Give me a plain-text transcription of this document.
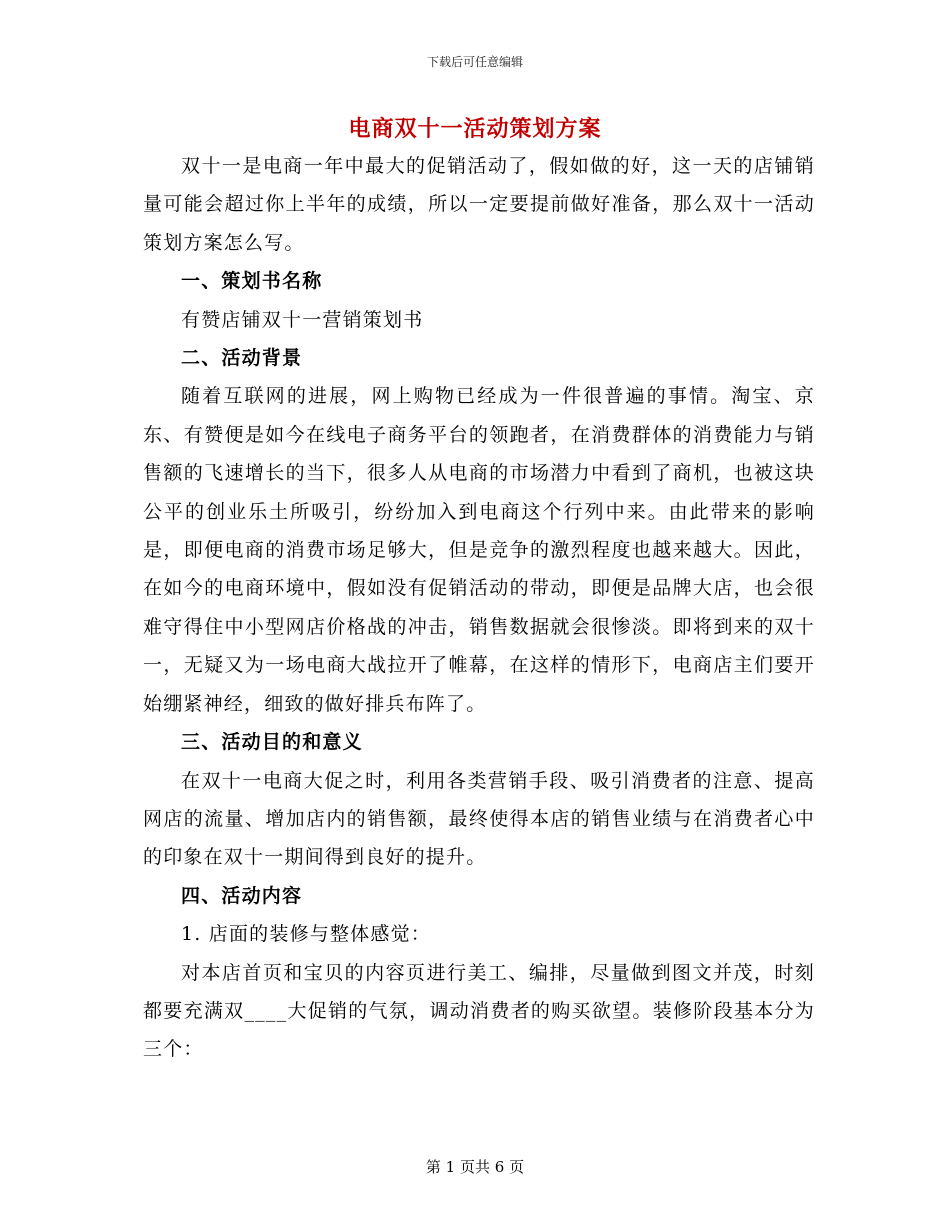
下载后可任意编辑
电商双十一活动策划方案

双十一是电商一年中最大的促销活动了，假如做的好，这一天的店铺销量可能会超过你上半年的成绩，所以一定要提前做好准备，那么双十一活动策划方案怎么写。

一、策划书名称

有赞店铺双十一营销策划书

二、活动背景

随着互联网的进展，网上购物已经成为一件很普遍的事情。淘宝、京东、有赞便是如今在线电子商务平台的领跑者，在消费群体的消费能力与销售额的飞速增长的当下，很多人从电商的市场潜力中看到了商机，也被这块公平的创业乐土所吸引，纷纷加入到电商这个行列中来。由此带来的影响是，即便电商的消费市场足够大，但是竞争的激烈程度也越来越大。因此，在如今的电商环境中，假如没有促销活动的带动，即便是品牌大店，也会很难守得住中小型网店价格战的冲击，销售数据就会很惨淡。即将到来的双十一，无疑又为一场电商大战拉开了帷幕，在这样的情形下，电商店主们要开始绷紧神经，细致的做好排兵布阵了。

三、活动目的和意义

在双十一电商大促之时，利用各类营销手段、吸引消费者的注意、提高网店的流量、增加店内的销售额，最终使得本店的销售业绩与在消费者心中的印象在双十一期间得到良好的提升。

四、活动内容

1. 店面的装修与整体感觉：

对本店首页和宝贝的内容页进行美工、编排，尽量做到图文并茂，时刻都要充满双____大促销的气氛，调动消费者的购买欲望。装修阶段基本分为三个：

第 1 页共 6 页
